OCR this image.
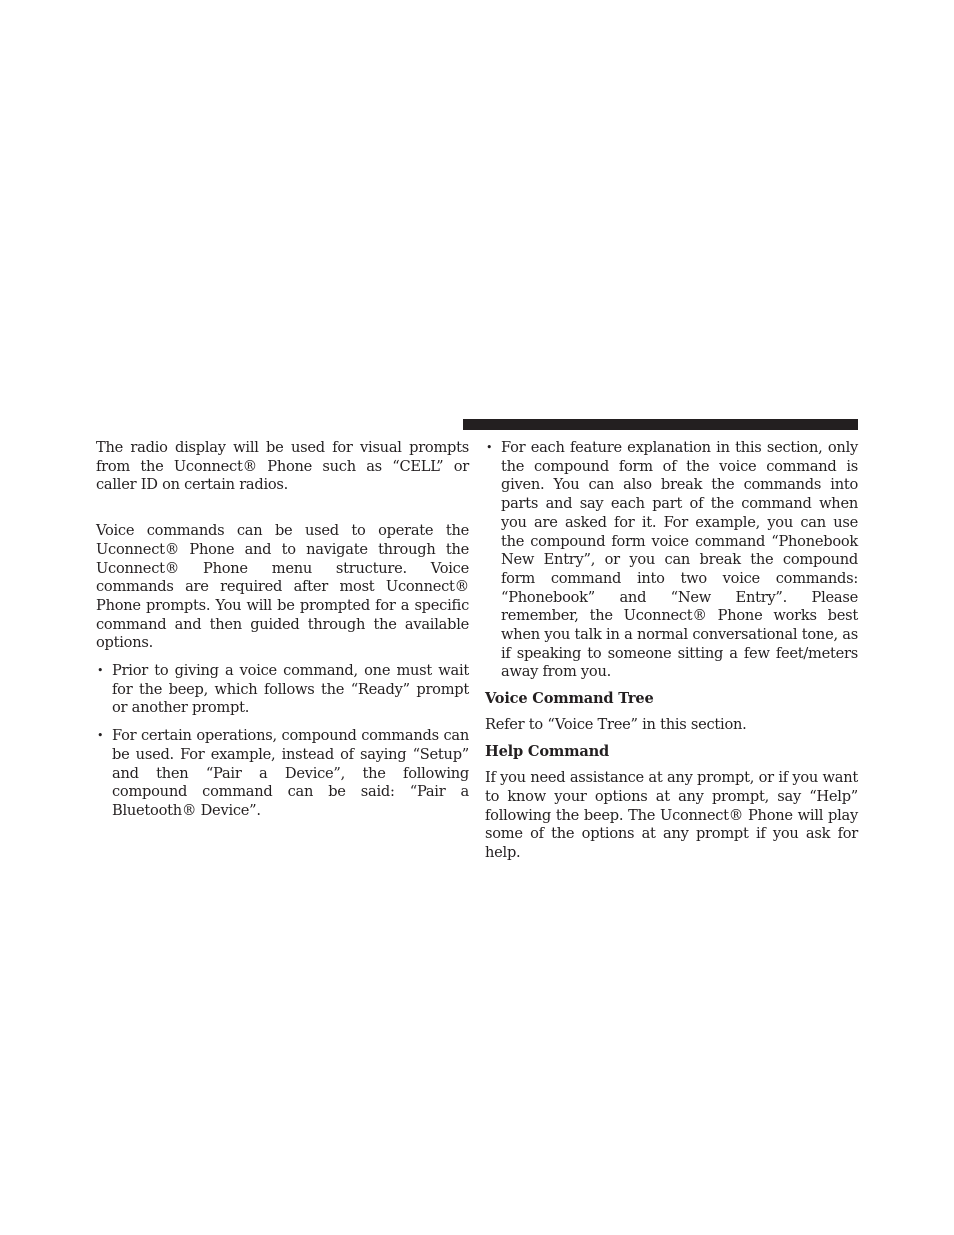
The radio display will be used for visual prompts from the Uconnect® Phone such as “CELL” or caller ID on certain radios.

Voice commands can be used to operate the Uconnect® Phone and to navigate through the Uconnect® Phone menu structure. Voice commands are required after most Uconnect® Phone prompts. You will be prompted for a specific command and then guided through the available options.

• Prior to giving a voice command, one must wait for the beep, which follows the “Ready” prompt or another prompt.
• For certain operations, compound commands can be used. For example, instead of saying “Setup” and then “Pair a Device”, the following compound command can be said: “Pair a Bluetooth® Device”.
• For each feature explanation in this section, only the compound form of the voice command is given. You can also break the commands into parts and say each part of the command when you are asked for it. For example, you can use the compound form voice command “Phonebook New Entry”, or you can break the compound form command into two voice commands: “Phonebook” and “New Entry”. Please remember, the Uconnect® Phone works best when you talk in a normal conversational tone, as if speaking to someone sitting a few feet/meters away from you.
Voice Command Tree

Refer to “Voice Tree” in this section.

Help Command

If you need assistance at any prompt, or if you want to know your options at any prompt, say “Help” following the beep. The Uconnect® Phone will play some of the options at any prompt if you ask for help.
